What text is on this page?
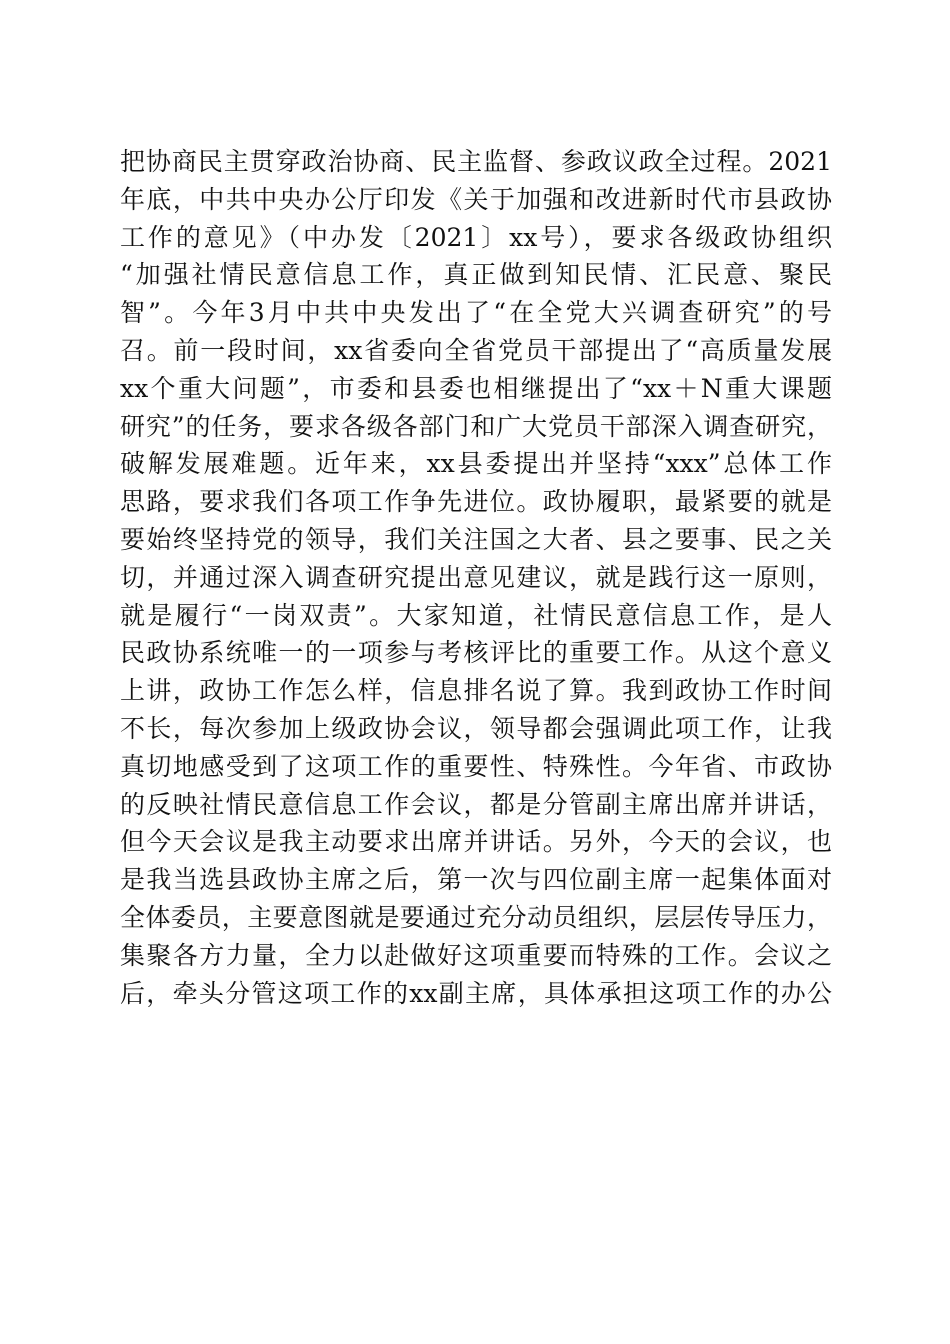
把协商民主贯穿政治协商、民主监督、参政议政全过程。2021
年底，中共中央办公厅印发《关于加强和改进新时代市县政协
工作的意见》（中办发〔2021〕xx号），要求各级政协组织
“加强社情民意信息工作，真正做到知民情、汇民意、聚民
智”。今年3月中共中央发出了“在全党大兴调查研究”的号
召。前一段时间，xx省委向全省党员干部提出了“高质量发展
xx个重大问题”，市委和县委也相继提出了“xx＋N重大课题
研究”的任务，要求各级各部门和广大党员干部深入调查研究，
破解发展难题。近年来，xx县委提出并坚持“xxx”总体工作
思路，要求我们各项工作争先进位。政协履职，最紧要的就是
要始终坚持党的领导，我们关注国之大者、县之要事、民之关
切，并通过深入调查研究提出意见建议，就是践行这一原则，
就是履行“一岗双责”。大家知道，社情民意信息工作，是人
民政协系统唯一的一项参与考核评比的重要工作。从这个意义
上讲，政协工作怎么样，信息排名说了算。我到政协工作时间
不长，每次参加上级政协会议，领导都会强调此项工作，让我
真切地感受到了这项工作的重要性、特殊性。今年省、市政协
的反映社情民意信息工作会议，都是分管副主席出席并讲话，
但今天会议是我主动要求出席并讲话。另外，今天的会议，也
是我当选县政协主席之后，第一次与四位副主席一起集体面对
全体委员，主要意图就是要通过充分动员组织，层层传导压力，
集聚各方力量，全力以赴做好这项重要而特殊的工作。会议之
后，牵头分管这项工作的xx副主席，具体承担这项工作的办公
